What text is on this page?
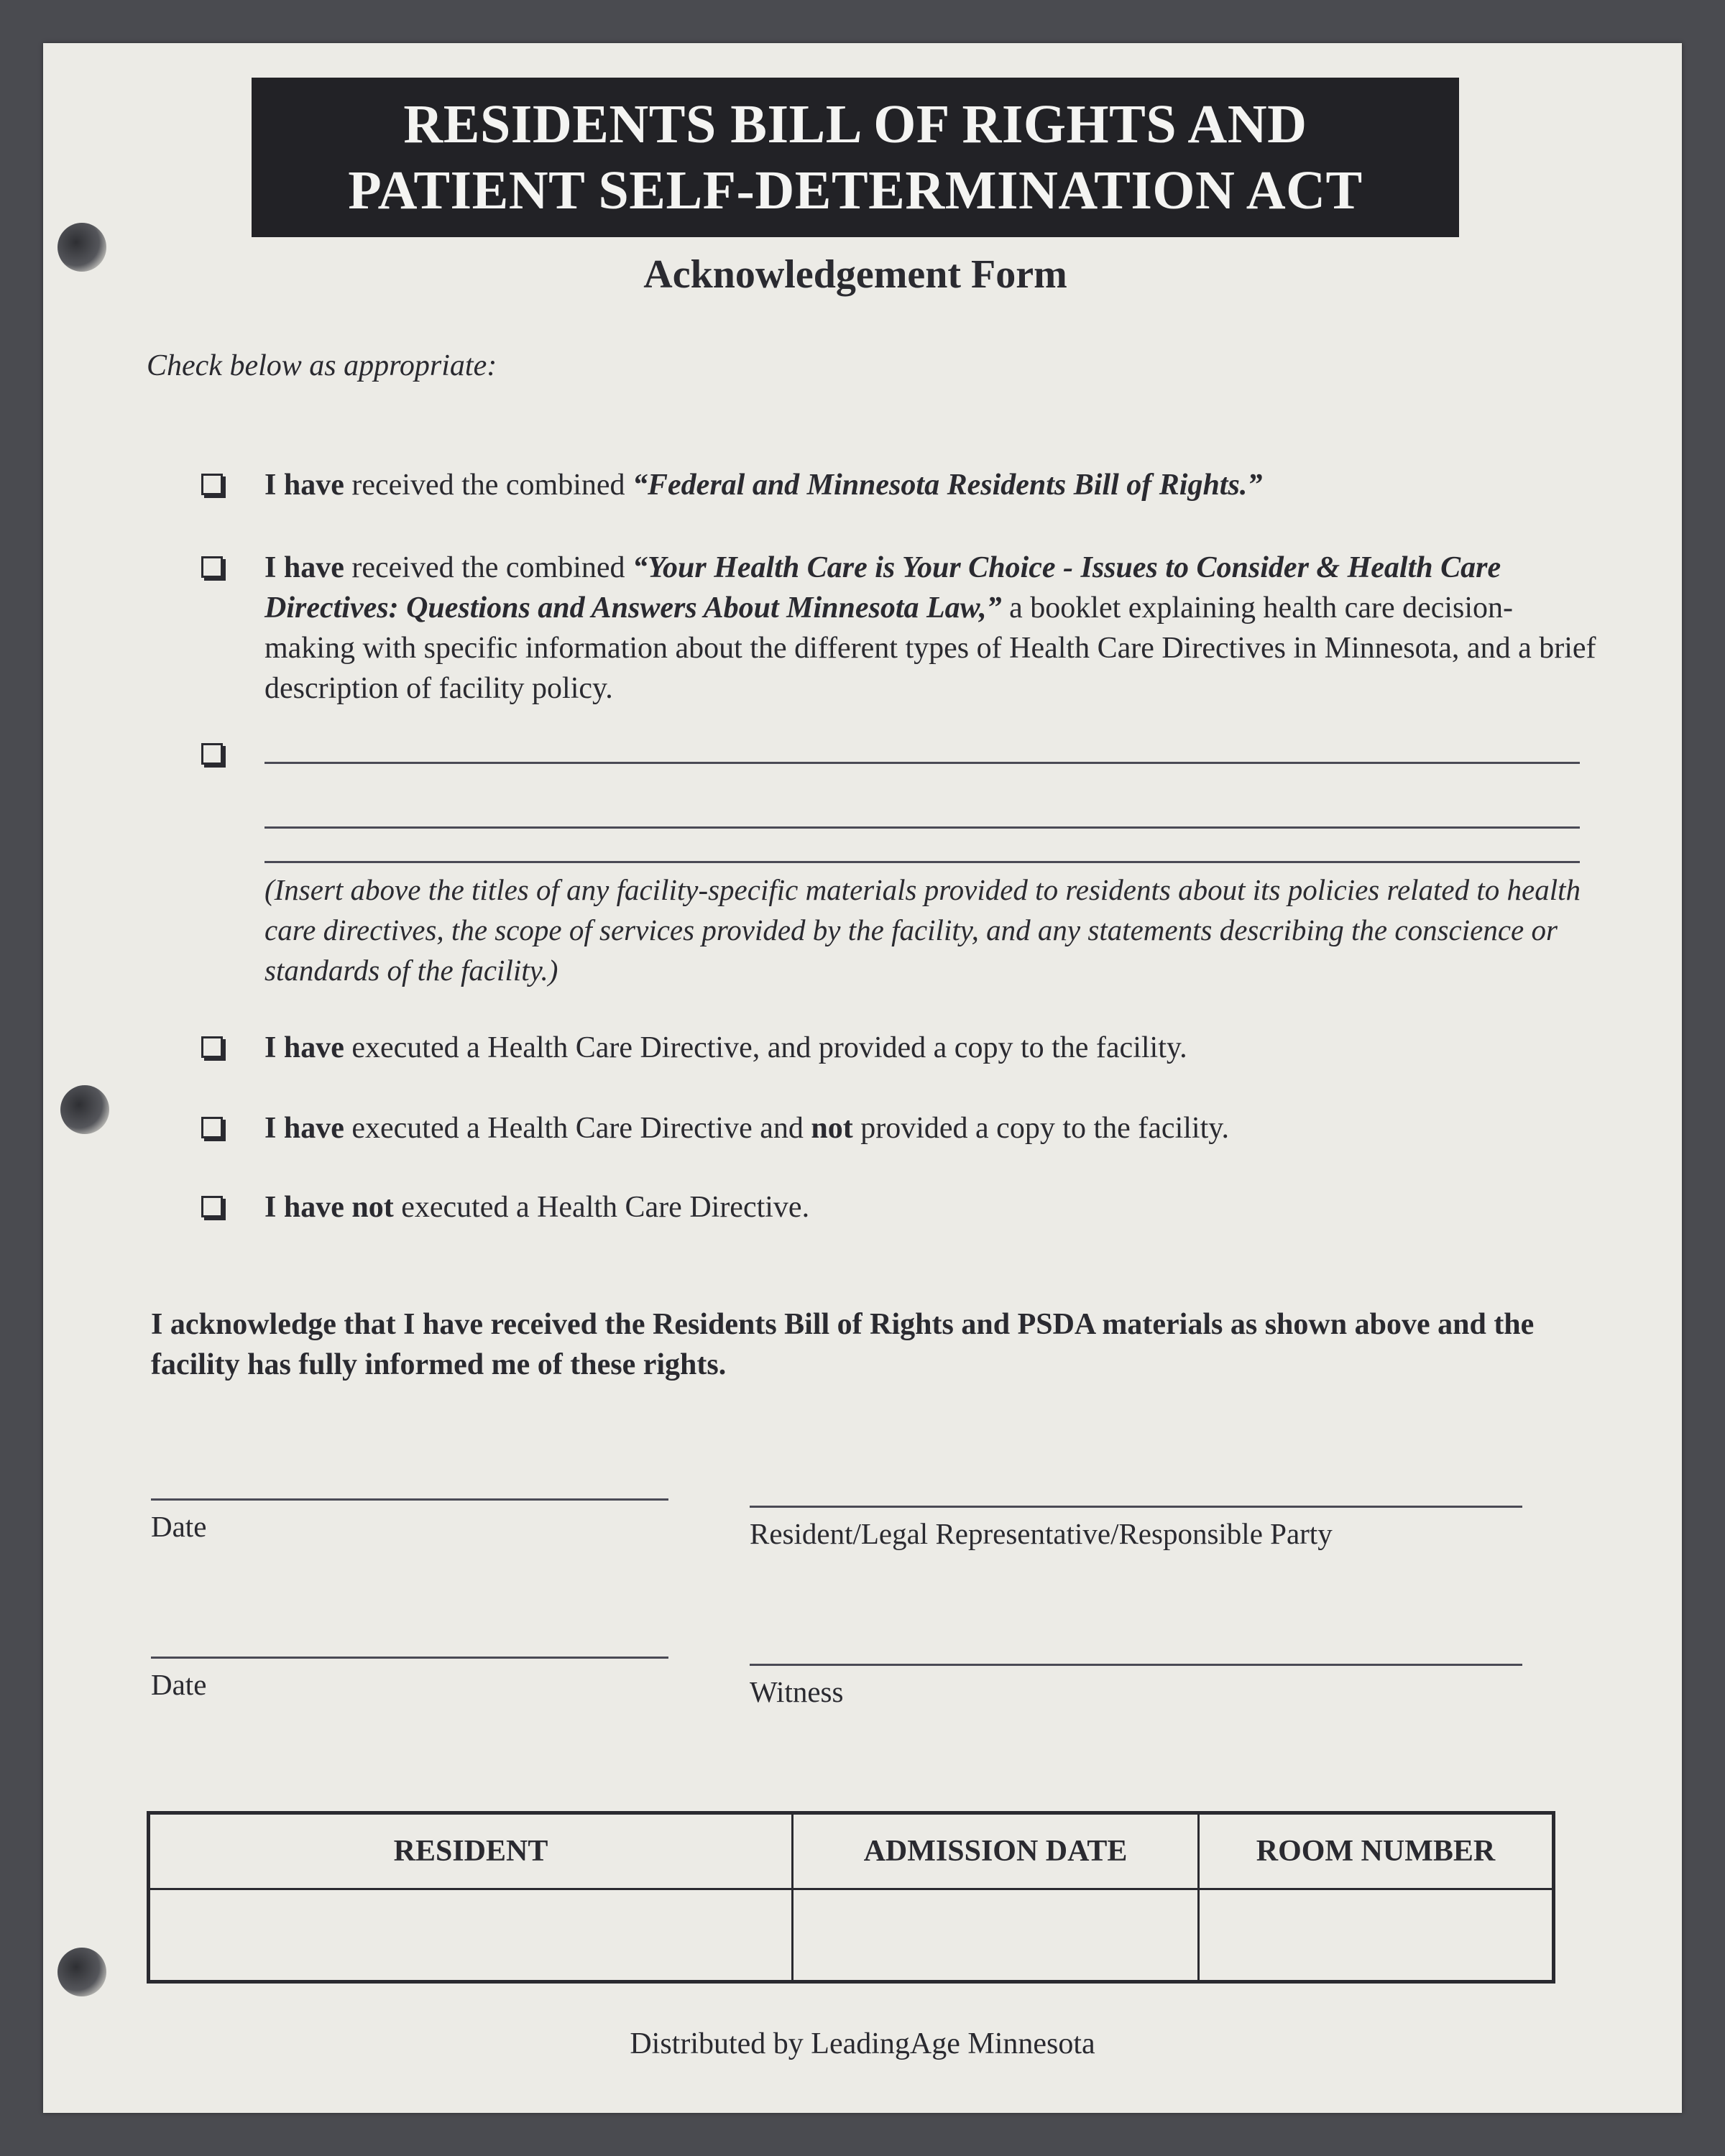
RESIDENTS BILL OF RIGHTS AND
PATIENT SELF-DETERMINATION ACT
Acknowledgement Form
Check below as appropriate:
I have received the combined “Federal and Minnesota Residents Bill of Rights.”
I have received the combined “Your Health Care is Your Choice - Issues to Consider & Health Care Directives: Questions and Answers About Minnesota Law,” a booklet explaining health care decision-making with specific information about the different types of Health Care Directives in Minnesota, and a brief description of facility policy.
(Insert above the titles of any facility-specific materials provided to residents about its policies related to health care directives, the scope of services provided by the facility, and any statements describing the conscience or standards of the facility.)
I have executed a Health Care Directive, and provided a copy to the facility.
I have executed a Health Care Directive and not provided a copy to the facility.
I have not executed a Health Care Directive.
I acknowledge that I have received the Residents Bill of Rights and PSDA materials as shown above and the facility has fully informed me of these rights.
Date	Resident/Legal Representative/Responsible Party
Date	Witness
RESIDENT	ADMISSION DATE	ROOM NUMBER

Distributed by LeadingAge Minnesota
